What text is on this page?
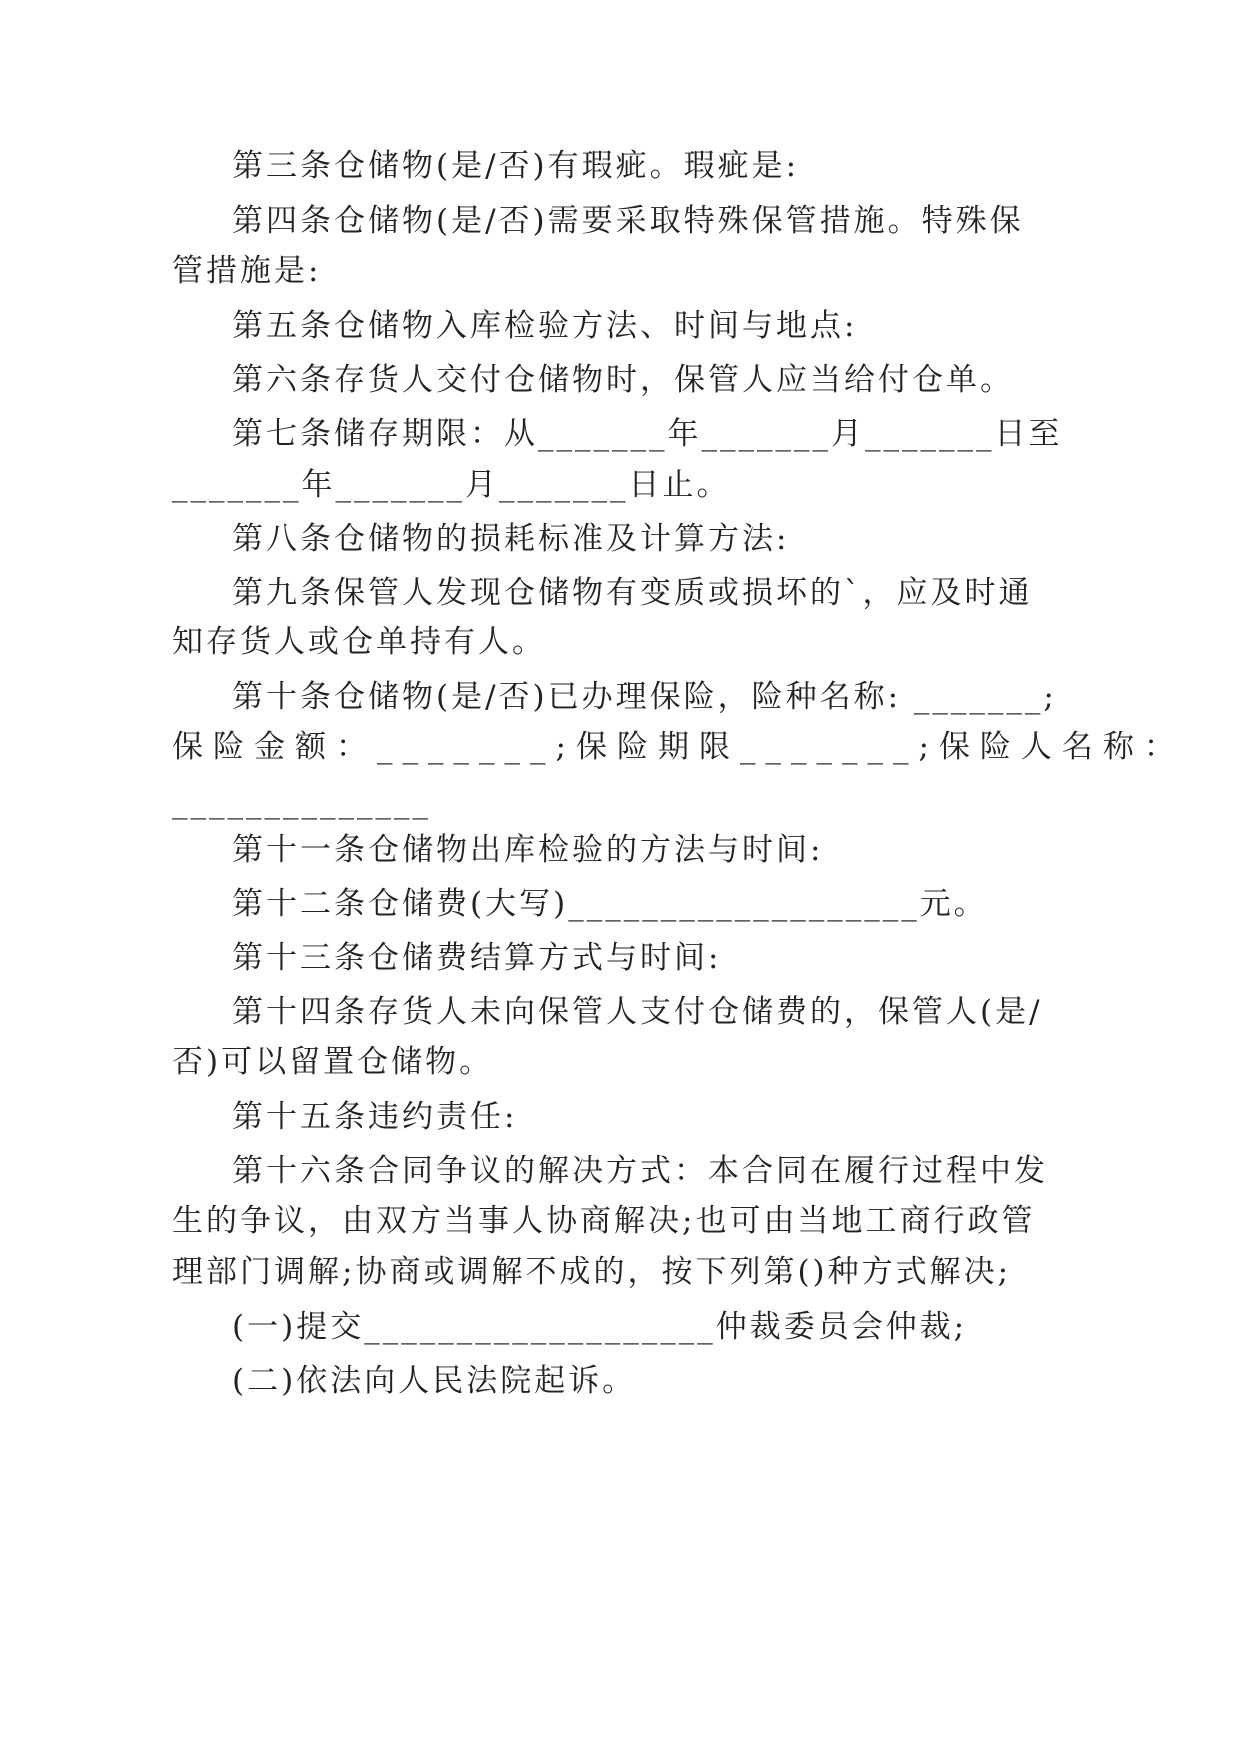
第三条仓储物(是/否)有瑕疵。瑕疵是:
第四条仓储物(是/否)需要采取特殊保管措施。特殊保
管措施是:
第五条仓储物入库检验方法、时间与地点:
第六条存货人交付仓储物时，保管人应当给付仓单。
第七条储存期限：从_______年_______月_______日至
_______年_______月_______日止。
第八条仓储物的损耗标准及计算方法:
第九条保管人发现仓储物有变质或损坏的`，应及时通
知存货人或仓单持有人。
第十条仓储物(是/否)已办理保险，险种名称: _______;
保险金额：_______;保险期限_______;保险人名称：
______________
第十一条仓储物出库检验的方法与时间:
第十二条仓储费(大写)___________________元。
第十三条仓储费结算方式与时间:
第十四条存货人未向保管人支付仓储费的，保管人(是/
否)可以留置仓储物。
第十五条违约责任:
第十六条合同争议的解决方式：本合同在履行过程中发
生的争议，由双方当事人协商解决;也可由当地工商行政管
理部门调解;协商或调解不成的，按下列第()种方式解决;
(一)提交___________________仲裁委员会仲裁;
(二)依法向人民法院起诉。
